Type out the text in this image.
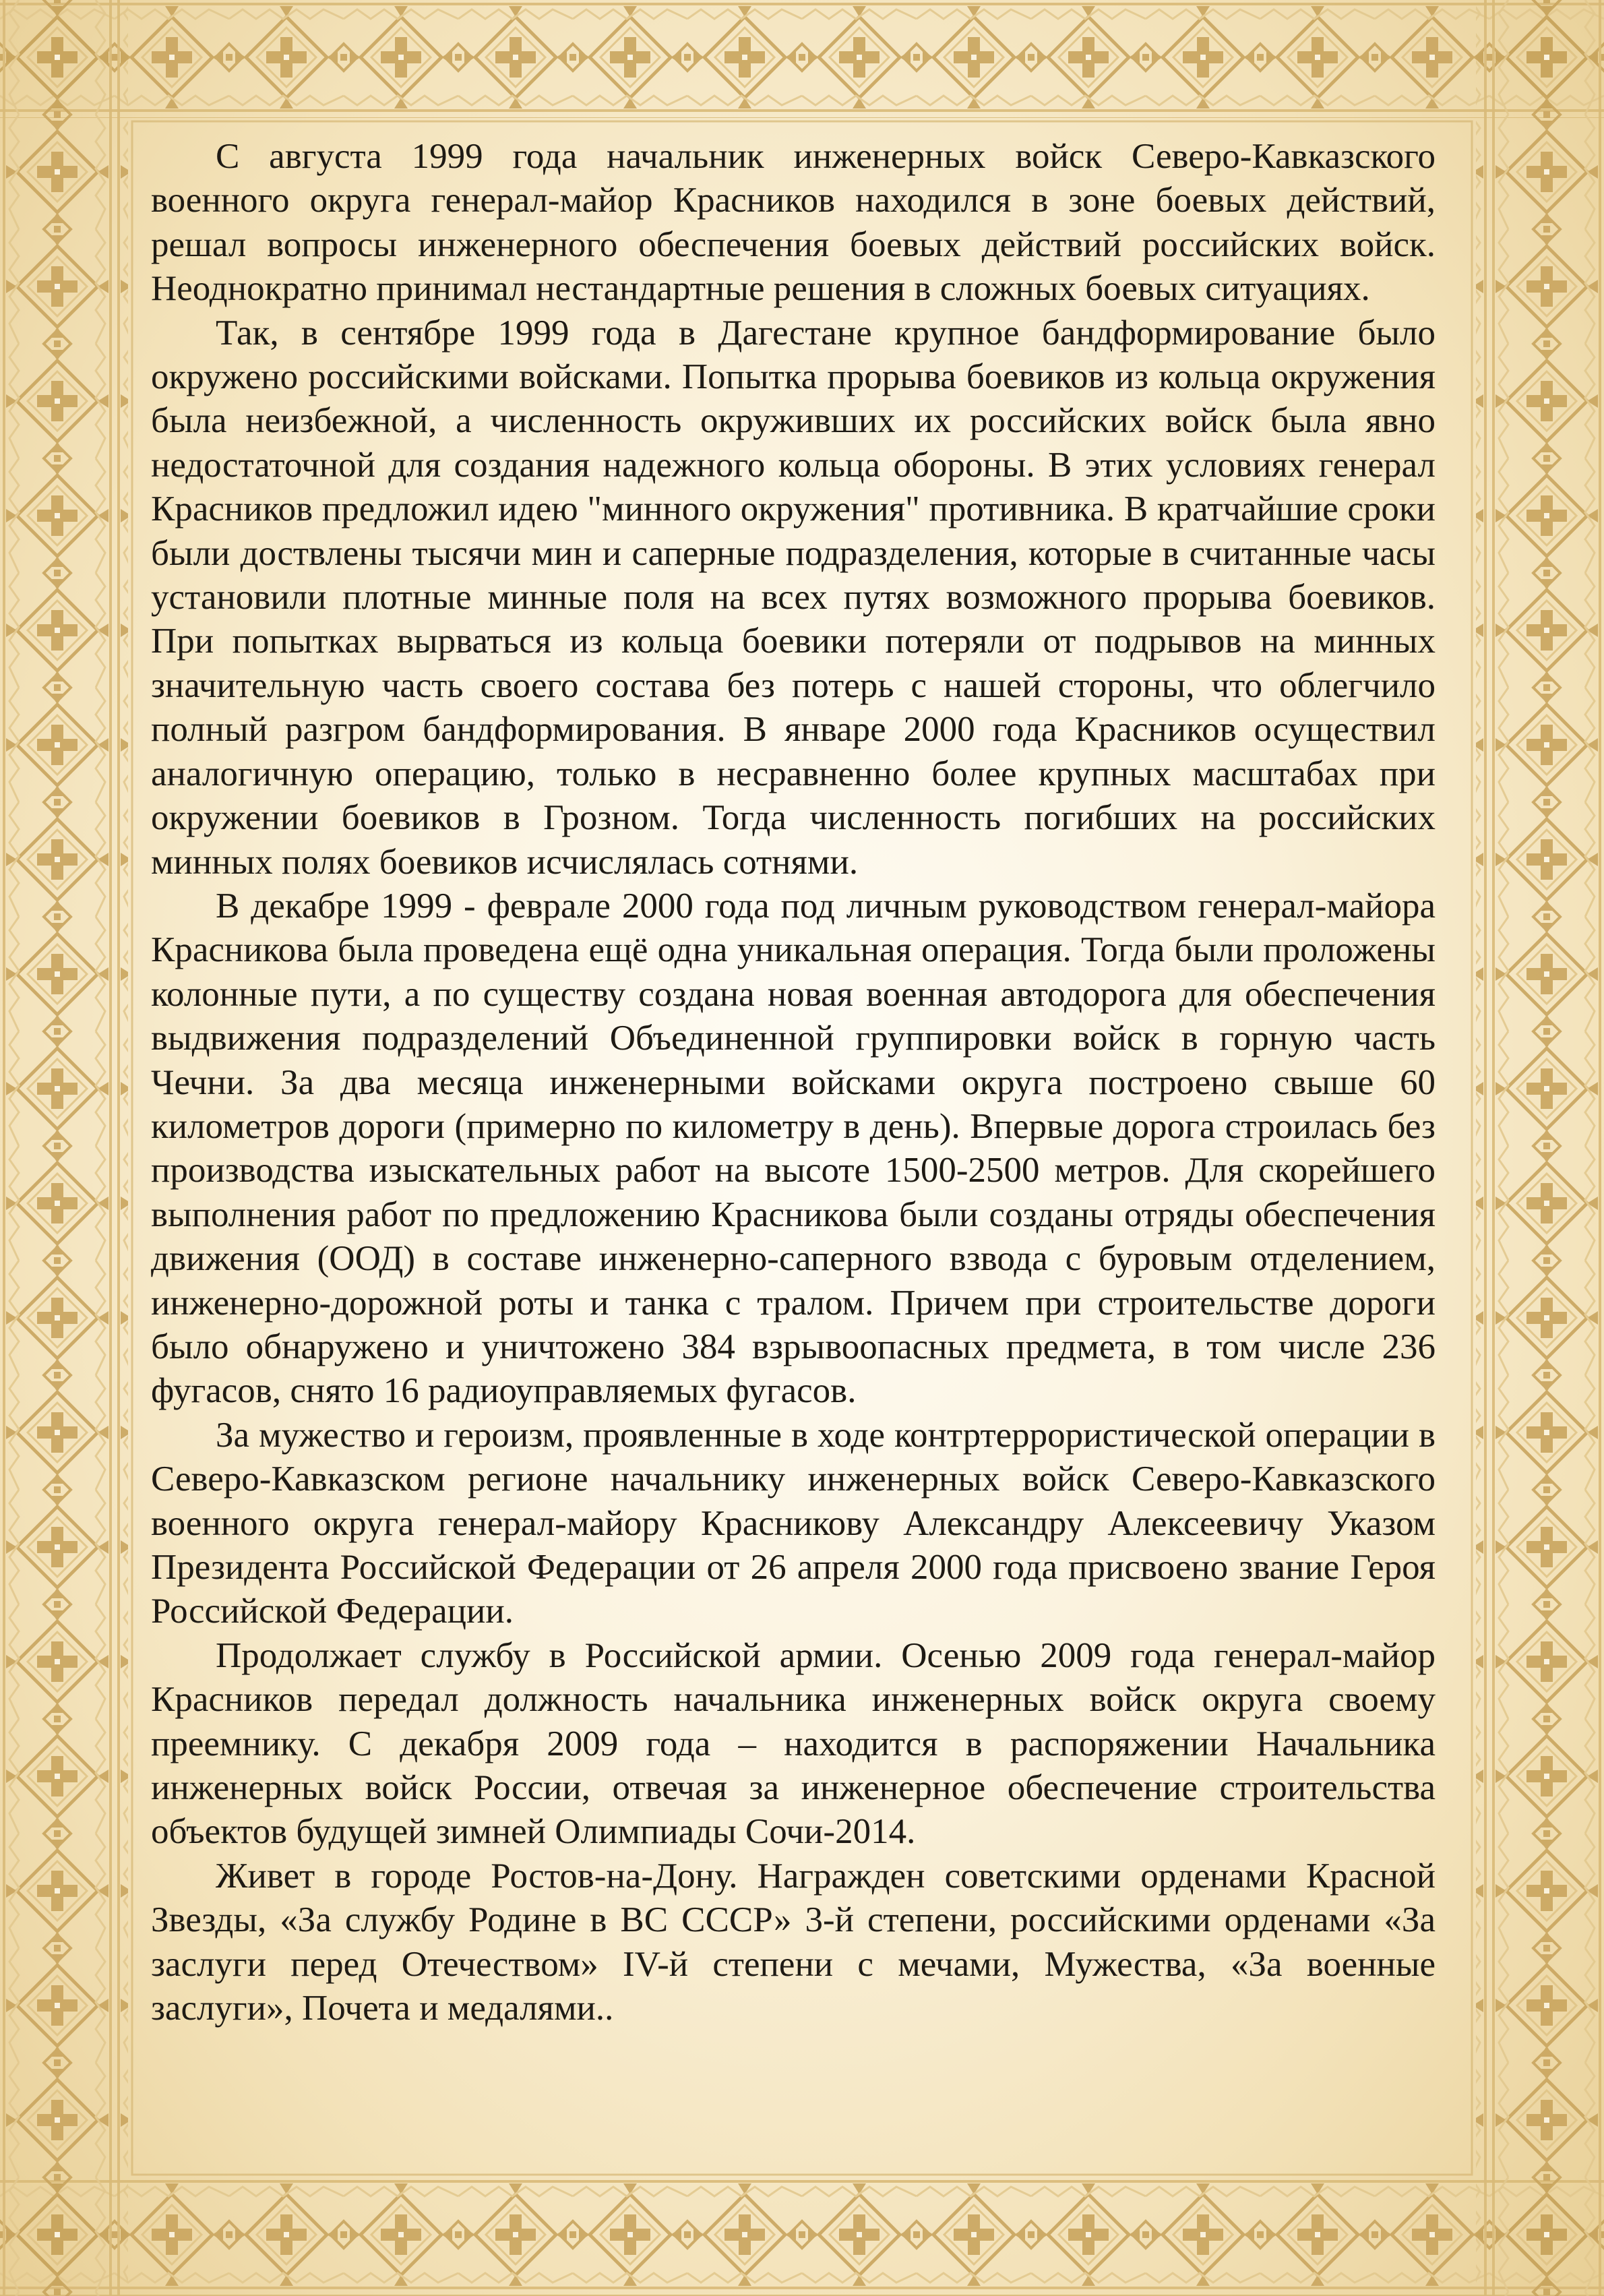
С августа 1999 года начальник инженерных войск Северо-Кавказского военного округа генерал-майор Красников находился в зоне боевых действий, решал вопросы инженерного обеспечения боевых действий российских войск. Неоднократно принимал нестандартные решения в сложных боевых ситуациях.

Так, в сентябре 1999 года в Дагестане крупное бандформирование было окружено российскими войсками. Попытка прорыва боевиков из кольца окружения была неизбежной, а численность окруживших их российских войск была явно недостаточной для создания надежного кольца обороны. В этих условиях генерал Красников предложил идею "минного окружения" противника. В кратчайшие сроки были доствлены тысячи мин и саперные подразделения, которые в считанные часы установили плотные минные поля на всех путях возможного прорыва боевиков. При попытках вырваться из кольца боевики потеряли от подрывов на минных значительную часть своего состава без потерь с нашей стороны, что облегчило полный разгром бандформирования. В январе 2000 года Красников осуществил аналогичную операцию, только в несравненно более крупных масштабах при окружении боевиков в Грозном. Тогда численность погибших на российских минных полях боевиков исчислялась сотнями.

В декабре 1999 - феврале 2000 года под личным руководством генерал-майора Красникова была проведена ещё одна уникальная операция. Тогда были проложены колонные пути, а по существу создана новая военная автодорога для обеспечения выдвижения подразделений Объединенной группировки войск в горную часть Чечни. За два месяца инженерными войсками округа построено свыше 60 километров дороги (примерно по километру в день). Впервые дорога строилась без производства изыскательных работ на высоте 1500-2500 метров. Для скорейшего выполнения работ по предложению Красникова были созданы отряды обеспечения движения (ООД) в составе инженерно-саперного взвода с буровым отделением, инженерно-дорожной роты и танка с тралом. Причем при строительстве дороги было обнаружено и уничтожено 384 взрывоопасных предмета, в том числе 236 фугасов, снято 16 радиоуправляемых фугасов.

За мужество и героизм, проявленные в ходе контртеррористической операции в Северо-Кавказском регионе начальнику инженерных войск Северо-Кавказского военного округа генерал-майору Красникову Александру Алексеевичу Указом Президента Российской Федерации от 26 апреля 2000 года присвоено звание Героя Российской Федерации.

Продолжает службу в Российской армии. Осенью 2009 года генерал-майор Красников передал должность начальника инженерных войск округа своему преемнику. С декабря 2009 года – находится в распоряжении Начальника инженерных войск России, отвечая за инженерное обеспечение строительства объектов будущей зимней Олимпиады Сочи-2014.

Живет в городе Ростов-на-Дону. Награжден советскими орденами Красной Звезды, «За службу Родине в ВС СССР» 3-й степени, российскими орденами «За заслуги перед Отечеством» IV-й степени с мечами, Мужества, «За военные заслуги», Почета и медалями..
